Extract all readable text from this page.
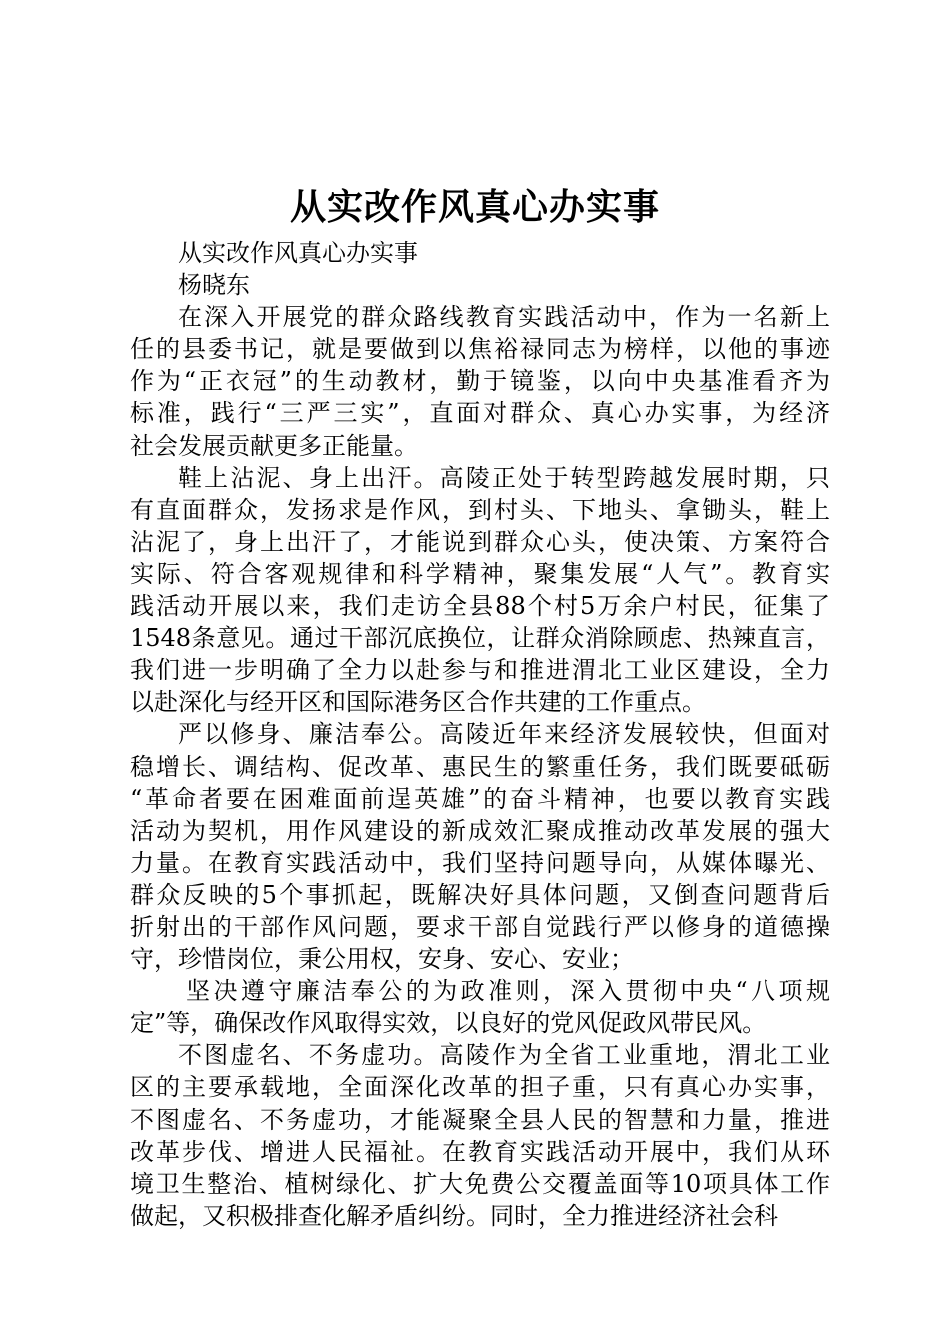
从实改作风真心办实事
从实改作风真心办实事
杨晓东
在深入开展党的群众路线教育实践活动中，作为一名新上
任的县委书记，就是要做到以焦裕禄同志为榜样，以他的事迹
作为“正衣冠”的生动教材，勤于镜鉴，以向中央基准看齐为
标准，践行“三严三实”，直面对群众、真心办实事，为经济
社会发展贡献更多正能量。
鞋上沾泥、身上出汗。高陵正处于转型跨越发展时期，只
有直面群众，发扬求是作风，到村头、下地头、拿锄头，鞋上
沾泥了，身上出汗了，才能说到群众心头，使决策、方案符合
实际、符合客观规律和科学精神，聚集发展“人气”。教育实
践活动开展以来，我们走访全县88个村5万余户村民，征集了
1548条意见。通过干部沉底换位，让群众消除顾虑、热辣直言，
我们进一步明确了全力以赴参与和推进渭北工业区建设，全力
以赴深化与经开区和国际港务区合作共建的工作重点。
严以修身、廉洁奉公。高陵近年来经济发展较快，但面对
稳增长、调结构、促改革、惠民生的繁重任务，我们既要砥砺
“革命者要在困难面前逞英雄”的奋斗精神，也要以教育实践
活动为契机，用作风建设的新成效汇聚成推动改革发展的强大
力量。在教育实践活动中，我们坚持问题导向，从媒体曝光、
群众反映的5个事抓起，既解决好具体问题，又倒查问题背后
折射出的干部作风问题，要求干部自觉践行严以修身的道德操
守，珍惜岗位，秉公用权，安身、安心、安业；
坚决遵守廉洁奉公的为政准则，深入贯彻中央“八项规
定”等，确保改作风取得实效，以良好的党风促政风带民风。
不图虚名、不务虚功。高陵作为全省工业重地，渭北工业
区的主要承载地，全面深化改革的担子重，只有真心办实事，
不图虚名、不务虚功，才能凝聚全县人民的智慧和力量，推进
改革步伐、增进人民福祉。在教育实践活动开展中，我们从环
境卫生整治、植树绿化、扩大免费公交覆盖面等10项具体工作
做起，又积极排查化解矛盾纠纷。同时，全力推进经济社会科
